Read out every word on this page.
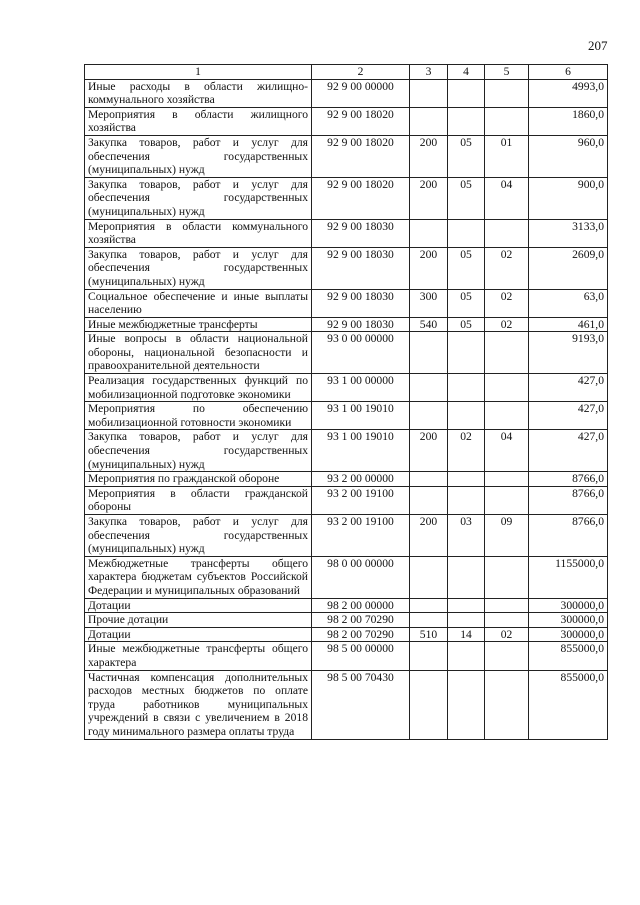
207
1	2	3	4	5	6
Иные расходы в области жилищно-коммунального хозяйства	92 9 00 00000				4993,0
Мероприятия в области жилищного хозяйства	92 9 00 18020				1860,0
Закупка товаров, работ и услуг для обеспечения государственных (муниципальных) нужд	92 9 00 18020	200	05	01	960,0
Закупка товаров, работ и услуг для обеспечения государственных (муниципальных) нужд	92 9 00 18020	200	05	04	900,0
Мероприятия в области коммунального хозяйства	92 9 00 18030				3133,0
Закупка товаров, работ и услуг для обеспечения государственных (муниципальных) нужд	92 9 00 18030	200	05	02	2609,0
Социальное обеспечение и иные выплаты населению	92 9 00 18030	300	05	02	63,0
Иные межбюджетные трансферты	92 9 00 18030	540	05	02	461,0
Иные вопросы в области национальной обороны, национальной безопасности и правоохранительной деятельности	93 0 00 00000				9193,0
Реализация государственных функций по мобилизационной подготовке экономики	93 1 00 00000				427,0
Мероприятия по обеспечению мобилизационной готовности экономики	93 1 00 19010				427,0
Закупка товаров, работ и услуг для обеспечения государственных (муниципальных) нужд	93 1 00 19010	200	02	04	427,0
Мероприятия по гражданской обороне	93 2 00 00000				8766,0
Мероприятия в области гражданской обороны	93 2 00 19100				8766,0
Закупка товаров, работ и услуг для обеспечения государственных (муниципальных) нужд	93 2 00 19100	200	03	09	8766,0
Межбюджетные трансферты общего характера бюджетам субъектов Российской Федерации и муниципальных образований	98 0 00 00000				1155000,0
Дотации	98 2 00 00000				300000,0
Прочие дотации	98 2 00 70290				300000,0
Дотации	98 2 00 70290	510	14	02	300000,0
Иные межбюджетные трансферты общего характера	98 5 00 00000				855000,0
Частичная компенсация дополнительных расходов местных бюджетов по оплате труда работников муниципальных учреждений в связи с увеличением в 2018 году минимального размера оплаты труда	98 5 00 70430				855000,0
